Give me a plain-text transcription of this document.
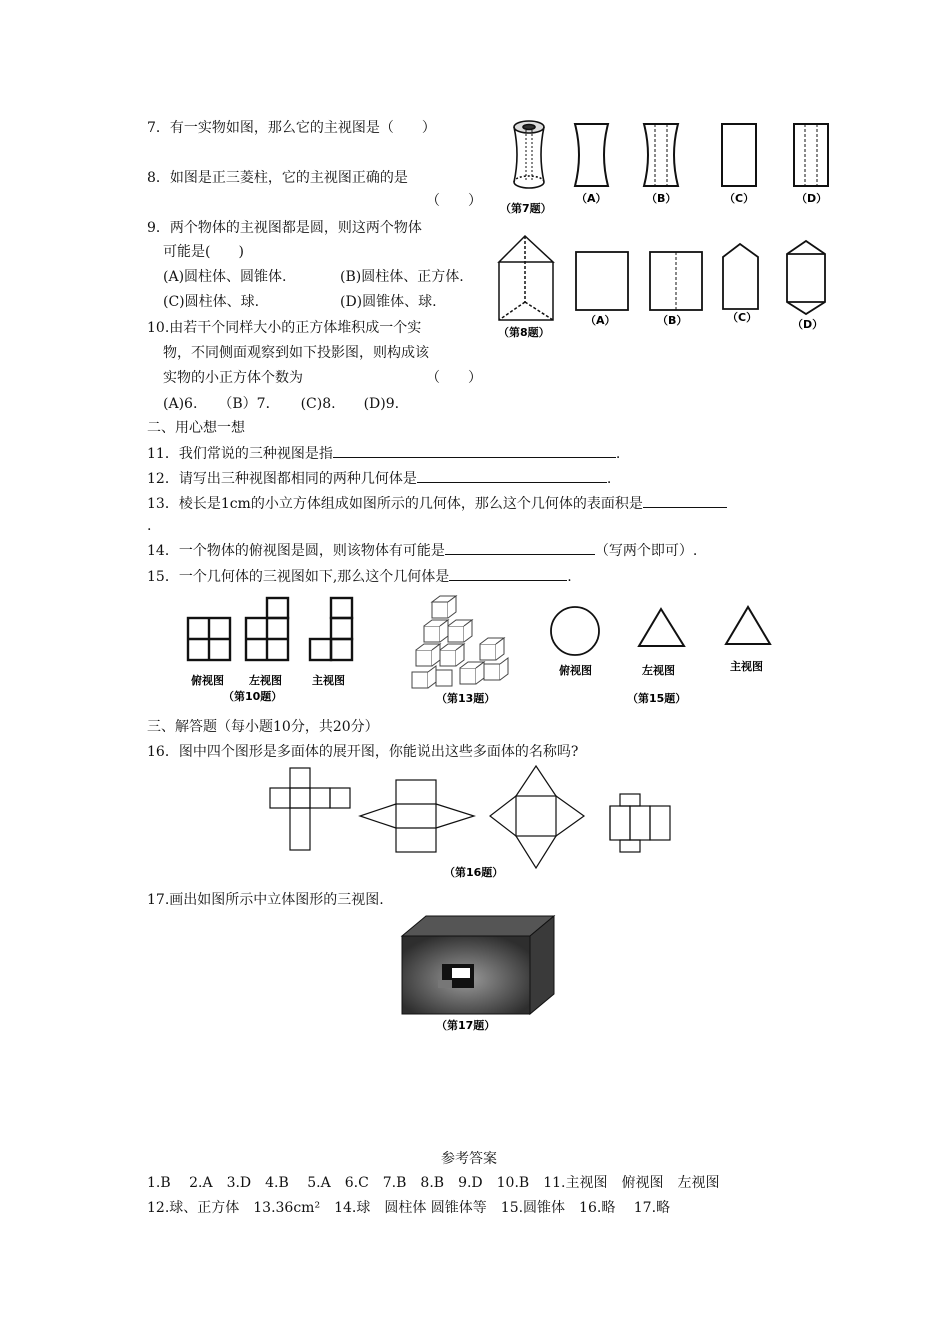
7．有一实物如图，那么它的主视图是（　　）
8．如图是正三菱柱，它的主视图正确的是
（　　）
9．两个物体的主视图都是圆，则这两个物体
可能是(　　)
(A)圆柱体、圆锥体.	(B)圆柱体、正方体.
(C)圆柱体、球.	(D)圆锥体、球.
10.由若干个同样大小的正方体堆积成一个实
物，不同侧面观察到如下投影图，则构成该
实物的小正方体个数为	（　　）
(A)6.　　（B）7．　　(C)8.　　(D)9.
二、用心想一想
11．我们常说的三种视图是指	.
12．请写出三种视图都相同的两种几何体是	.
13．棱长是1cm的小立方体组成如图所示的几何体，那么这个几何体的表面积是
.
14．一个物体的俯视图是圆，则该物体有可能是	（写两个即可）.
15．一个几何体的三视图如下,那么这个几何体是	.
三、解答题（每小题10分，共20分）
16．图中四个图形是多面体的展开图，你能说出这些多面体的名称吗?
17.画出如图所示中立体图形的三视图.
（第7题）
（A）	（B）	（C）	（D）
（第8题）
（A）	（B）	（C）
（D）
俯视图 左视图	主视图
（第10题）	（第13题）
俯视图	左视图	主视图
（第15题）
（第16题）
（第17题）
参考答案
1.B　 2.A　3.D　4.B　 5.A　6.C　7.B　8.B　9.D　10.B　11.主视图　俯视图　左视图
12.球、正方体　13.36cm²　14.球　圆柱体 圆锥体等　15.圆锥体　16.略　 17.略
